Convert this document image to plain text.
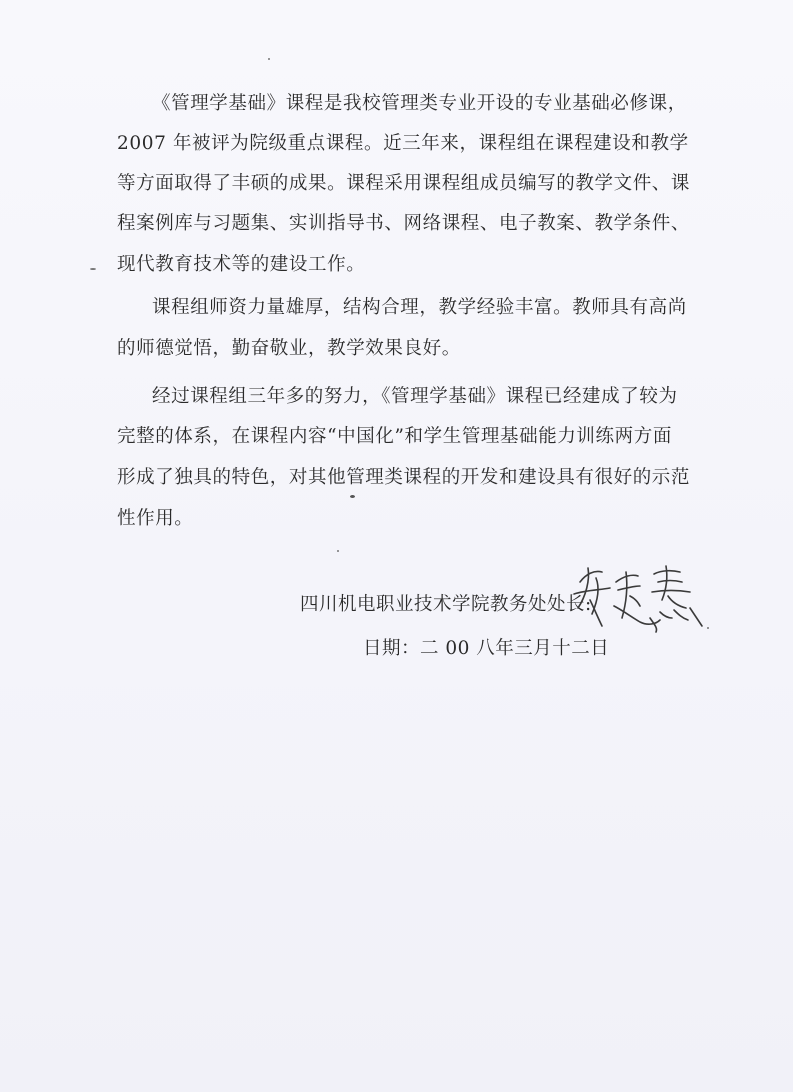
《管理学基础》课程是我校管理类专业开设的专业基础必修课，
2007 年被评为院级重点课程。近三年来，课程组在课程建设和教学
等方面取得了丰硕的成果。课程采用课程组成员编写的教学文件、课
程案例库与习题集、实训指导书、网络课程、电子教案、教学条件、
现代教育技术等的建设工作。
课程组师资力量雄厚，结构合理，教学经验丰富。教师具有高尚
的师德觉悟，勤奋敬业，教学效果良好。
经过课程组三年多的努力，《管理学基础》课程已经建成了较为
完整的体系，在课程内容“中国化”和学生管理基础能力训练两方面
形成了独具的特色，对其他管理类课程的开发和建设具有很好的示范
性作用。
四川机电职业技术学院教务处处长:
日期：二 00 八年三月十二日
